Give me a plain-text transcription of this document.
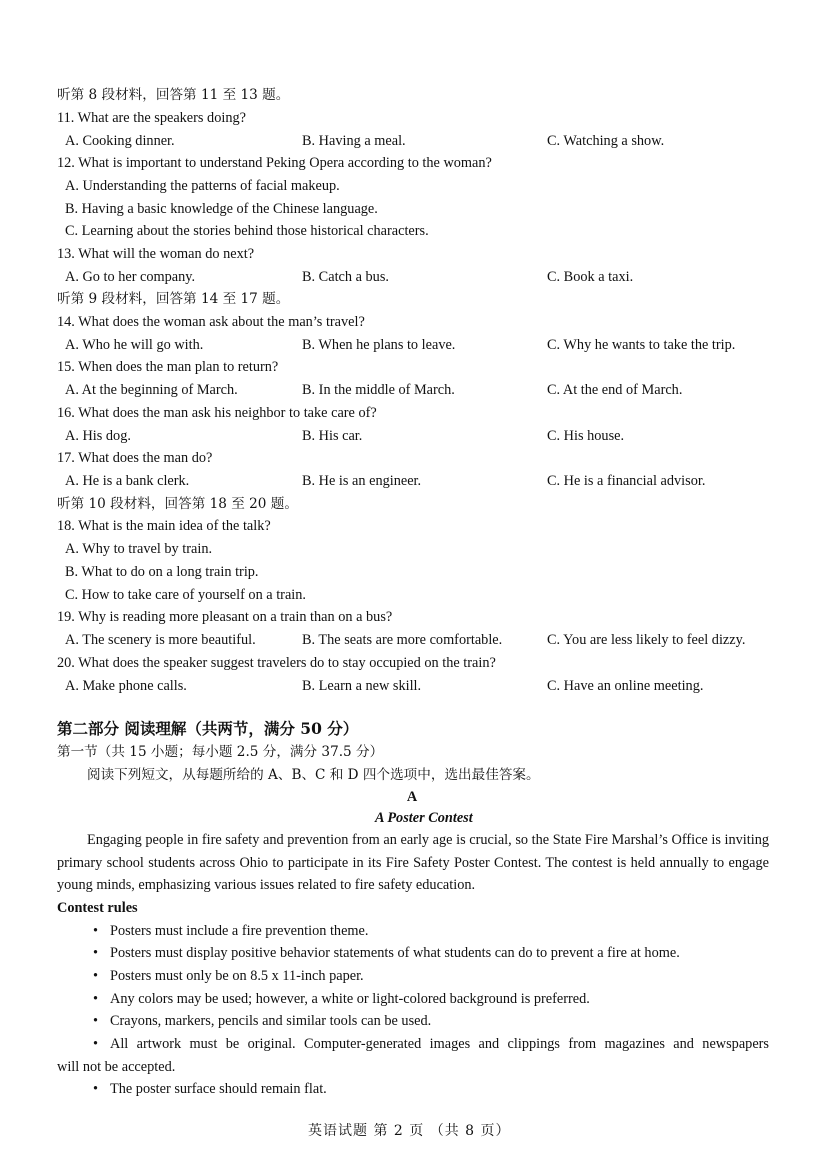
听第 8 段材料，回答第 11 至 13 题。
11. What are the speakers doing?
A. Cooking dinner.	B. Having a meal.	C. Watching a show.
12. What is important to understand Peking Opera according to the woman?
A. Understanding the patterns of facial makeup.
B. Having a basic knowledge of the Chinese language.
C. Learning about the stories behind those historical characters.
13. What will the woman do next?
A. Go to her company.	B. Catch a bus.	C. Book a taxi.
听第 9 段材料，回答第 14 至 17 题。
14. What does the woman ask about the man’s travel?
A. Who he will go with.	B. When he plans to leave.	C. Why he wants to take the trip.
15. When does the man plan to return?
A. At the beginning of March.	B. In the middle of March.	C. At the end of March.
16. What does the man ask his neighbor to take care of?
A. His dog.	B. His car.	C. His house.
17. What does the man do?
A. He is a bank clerk.	B. He is an engineer.	C. He is a financial advisor.
听第 10 段材料，回答第 18 至 20 题。
18. What is the main idea of the talk?
A. Why to travel by train.
B. What to do on a long train trip.
C. How to take care of yourself on a train.
19. Why is reading more pleasant on a train than on a bus?
A. The scenery is more beautiful.	B. The seats are more comfortable.	C. You are less likely to feel dizzy.
20. What does the speaker suggest travelers do to stay occupied on the train?
A. Make phone calls.	B. Learn a new skill.	C. Have an online meeting.
第二部分 阅读理解（共两节，满分 50 分）
第一节（共 15 小题；每小题 2.5 分，满分 37.5 分）
阅读下列短文，从每题所给的 A、B、C 和 D 四个选项中，选出最佳答案。
A
A Poster Contest
Engaging people in fire safety and prevention from an early age is crucial, so the State Fire Marshal’s Office is inviting primary school students across Ohio to participate in its Fire Safety Poster Contest. The contest is held annually to engage young minds, emphasizing various issues related to fire safety education.
Contest rules
• Posters must include a fire prevention theme.
• Posters must display positive behavior statements of what students can do to prevent a fire at home.
• Posters must only be on 8.5 x 11-inch paper.
• Any colors may be used; however, a white or light-colored background is preferred.
• Crayons, markers, pencils and similar tools can be used.
• All artwork must be original. Computer-generated images and clippings from magazines and newspapers
will not be accepted.
• The poster surface should remain flat.
英语试题 第 2 页 （共 8 页）
